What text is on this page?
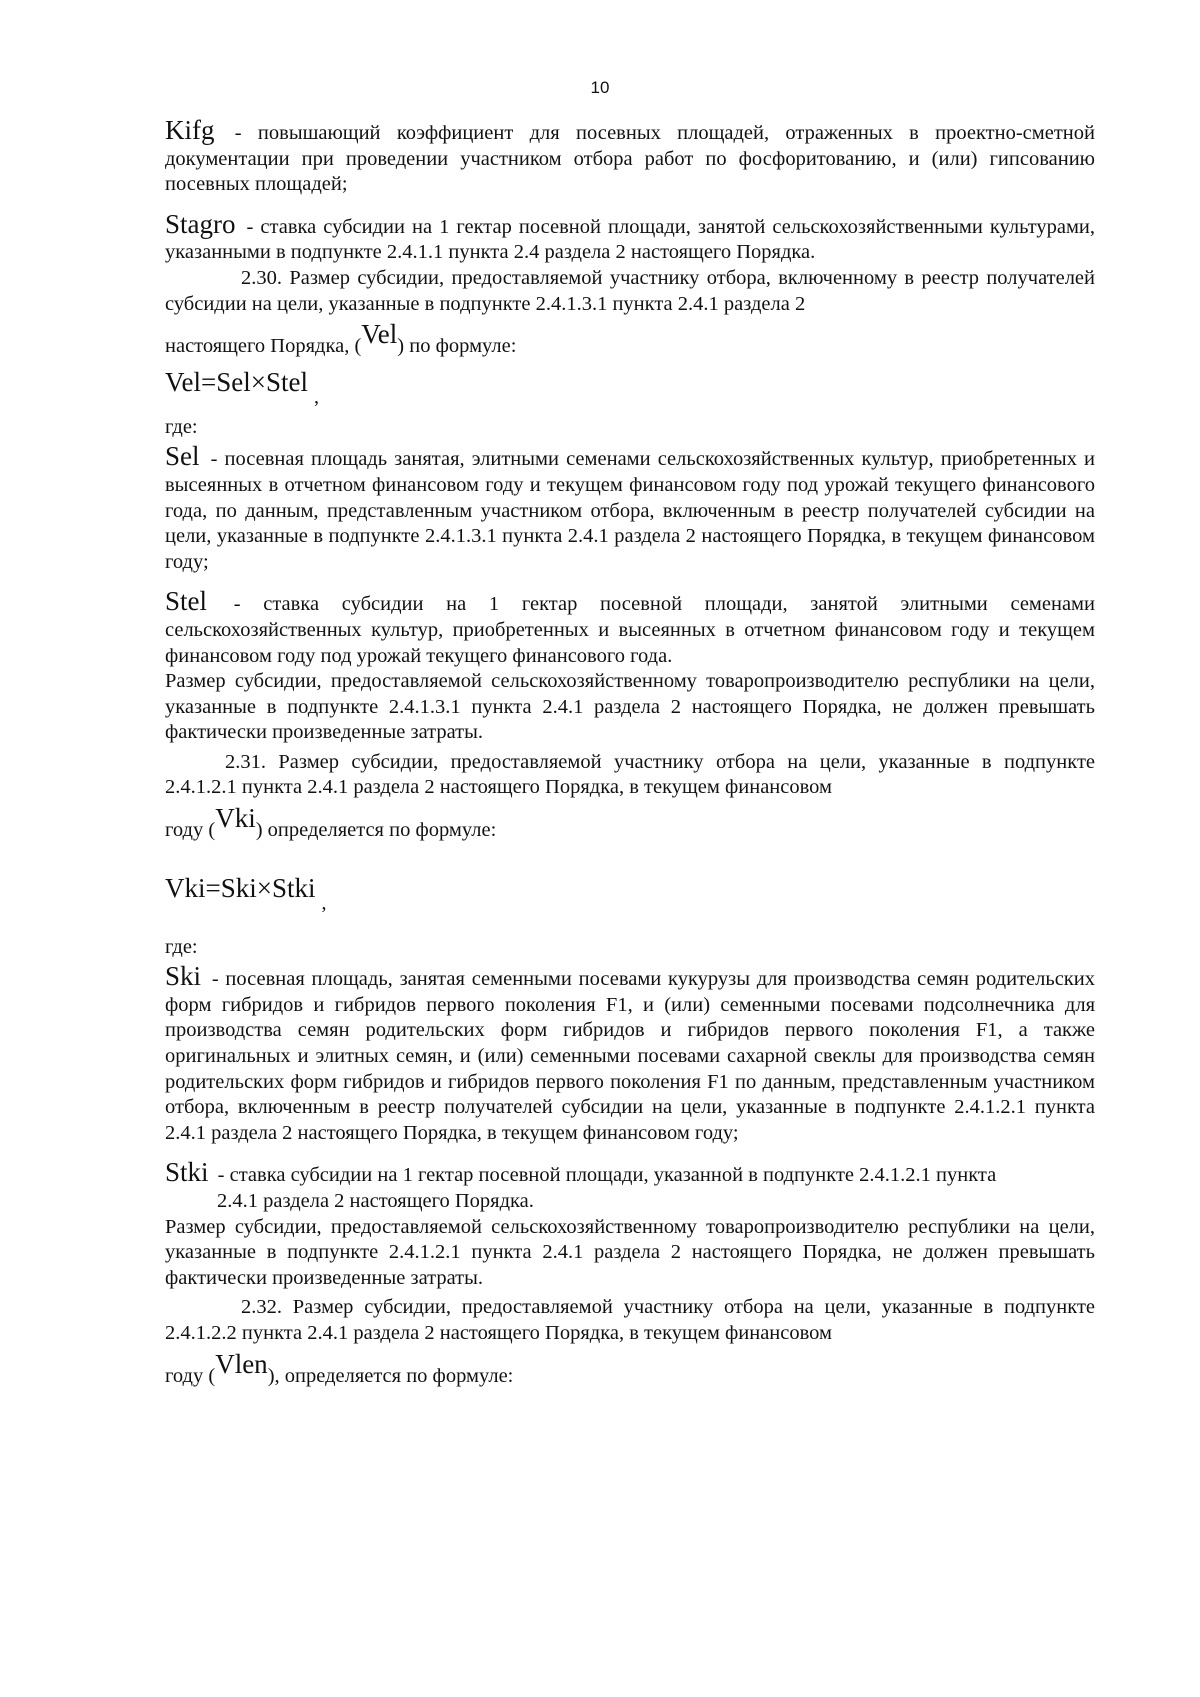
10

Kifg - повышающий коэффициент для посевных площадей, отраженных в проектно-сметной документации при проведении участником отбора работ по фосфоритованию, и (или) гипсованию посевных площадей;

Stagro - ставка субсидии на 1 гектар посевной площади, занятой сельскохозяйственными культурами, указанными в подпункте 2.4.1.1 пункта 2.4 раздела 2 настоящего Порядка.

2.30. Размер субсидии, предоставляемой участнику отбора, включенному в реестр получателей субсидии на цели, указанные в подпункте 2.4.1.3.1 пункта 2.4.1 раздела 2

настоящего Порядка, (Vel) по формуле:

Vel=Sel×Stel $_,$

где:

Sel - посевная площадь занятая, элитными семенами сельскохозяйственных культур, приобретенных и высеянных в отчетном финансовом году и текущем финансовом году под урожай текущего финансового года, по данным, представленным участником отбора, включенным в реестр получателей субсидии на цели, указанные в подпункте 2.4.1.3.1 пункта 2.4.1 раздела 2 настоящего Порядка, в текущем финансовом году;

Stel - ставка субсидии на 1 гектар посевной площади, занятой элитными семенами сельскохозяйственных культур, приобретенных и высеянных в отчетном финансовом году и текущем финансовом году под урожай текущего финансового года.

Размер субсидии, предоставляемой сельскохозяйственному товаропроизводителю республики на цели, указанные в подпункте 2.4.1.3.1 пункта 2.4.1 раздела 2 настоящего Порядка, не должен превышать фактически произведенные затраты.

2.31. Размер субсидии, предоставляемой участнику отбора на цели, указанные в подпункте 2.4.1.2.1 пункта 2.4.1 раздела 2 настоящего Порядка, в текущем финансовом

году (Vki) определяется по формуле:

Vki=Ski×Stki $_,$

где:

Ski - посевная площадь, занятая семенными посевами кукурузы для производства семян родительских форм гибридов и гибридов первого поколения F1, и (или) семенными посевами подсолнечника для производства семян родительских форм гибридов и гибридов первого поколения F1, а также оригинальных и элитных семян, и (или) семенными посевами сахарной свеклы для производства семян родительских форм гибридов и гибридов первого поколения F1 по данным, представленным участником отбора, включенным в реестр получателей субсидии на цели, указанные в подпункте 2.4.1.2.1 пункта 2.4.1 раздела 2 настоящего Порядка, в текущем финансовом году;

Stki - ставка субсидии на 1 гектар посевной площади, указанной в подпункте 2.4.1.2.1 пункта

2.4.1 раздела 2 настоящего Порядка.

Размер субсидии, предоставляемой сельскохозяйственному товаропроизводителю республики на цели, указанные в подпункте 2.4.1.2.1 пункта 2.4.1 раздела 2 настоящего Порядка, не должен превышать фактически произведенные затраты.

2.32. Размер субсидии, предоставляемой участнику отбора на цели, указанные в подпункте 2.4.1.2.2 пункта 2.4.1 раздела 2 настоящего Порядка, в текущем финансовом

году (Vlen), определяется по формуле:
